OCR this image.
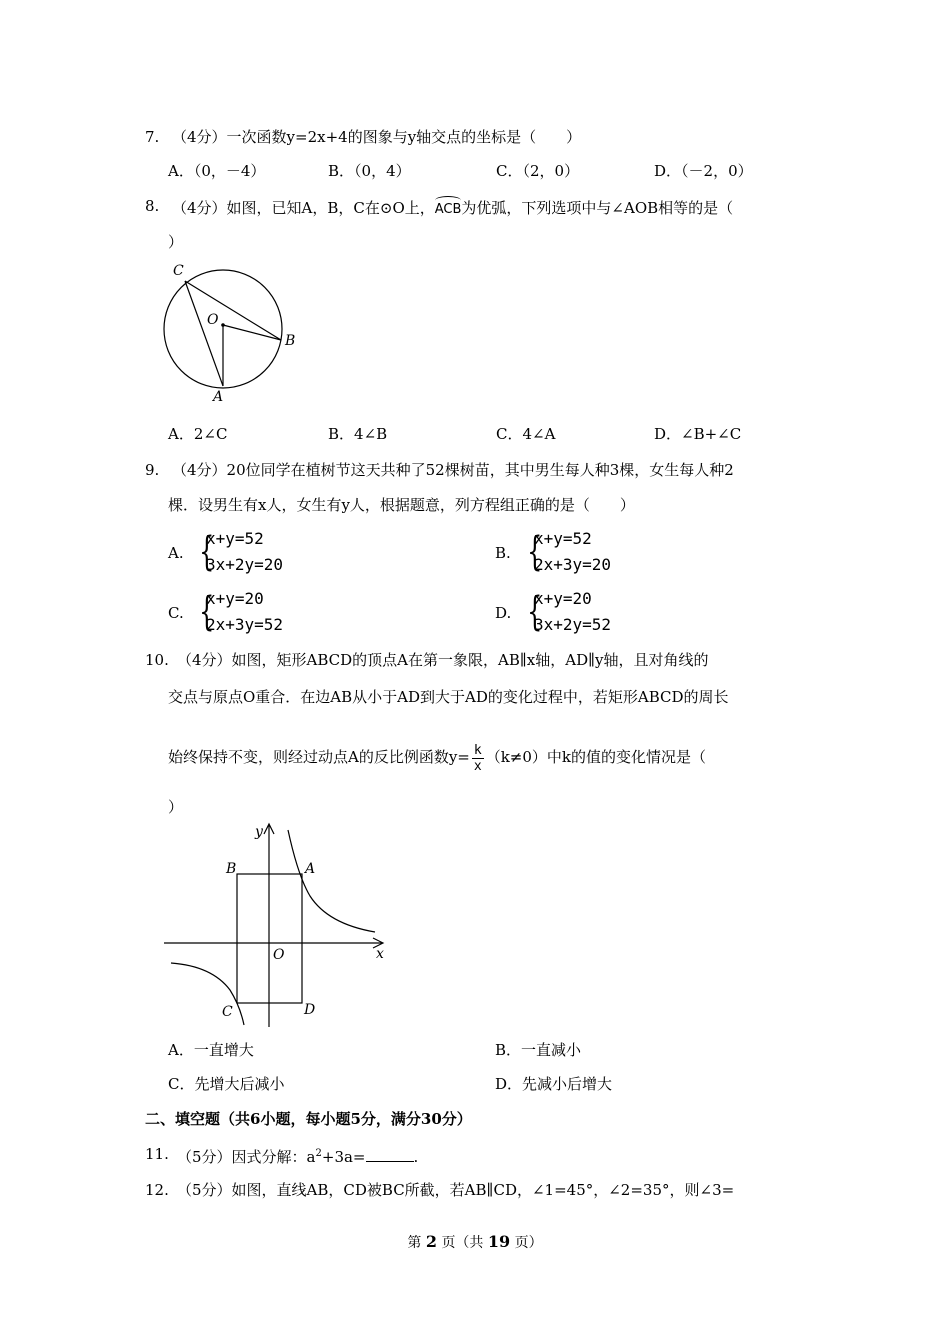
7. （4分）一次函数y=2x+4的图象与y轴交点的坐标是（　　）
A．（0，－4）	B．（0，4）	C．（2，0）	D．（－2，0）
8. （4分）如图，已知A，B，C在⊙O上，ACB为优弧，下列选项中与∠AOB相等的是（
）
C
O
B
A
A．2∠C	B．4∠B	C．4∠A	D．∠B+∠C
9. （4分）20位同学在植树节这天共种了52棵树苗，其中男生每人种3棵，女生每人种2
棵．设男生有x人，女生有y人，根据题意，列方程组正确的是（　　）
A. {
x+y=52
3x+2y=20
B. {
x+y=52
2x+3y=20
C. {
x+y=20
2x+3y=52
D. {
x+y=20
3x+2y=52
10. （4分）如图，矩形ABCD的顶点A在第一象限，AB∥x轴，AD∥y轴，且对角线的
交点与原点O重合．在边AB从小于AD到大于AD的变化过程中，若矩形ABCD的周长
始终保持不变，则经过动点A的反比例函数$y= \frac{k}{x} (k\ne 0)$中k的值的变化情况是（
）
y
x
O
A
B
C	D
A．一直增大	B．一直减小
C．先增大后减小	D．先减小后增大
二、填空题（共6小题，每小题5分，满分30分）
11. （5分）因式分解：$a^2+3a=$	.
12. （5分）如图，直线AB，CD被BC所截，若AB∥CD，∠1=45°，∠2=35°，则∠3=
第 2 页（共 19 页）
